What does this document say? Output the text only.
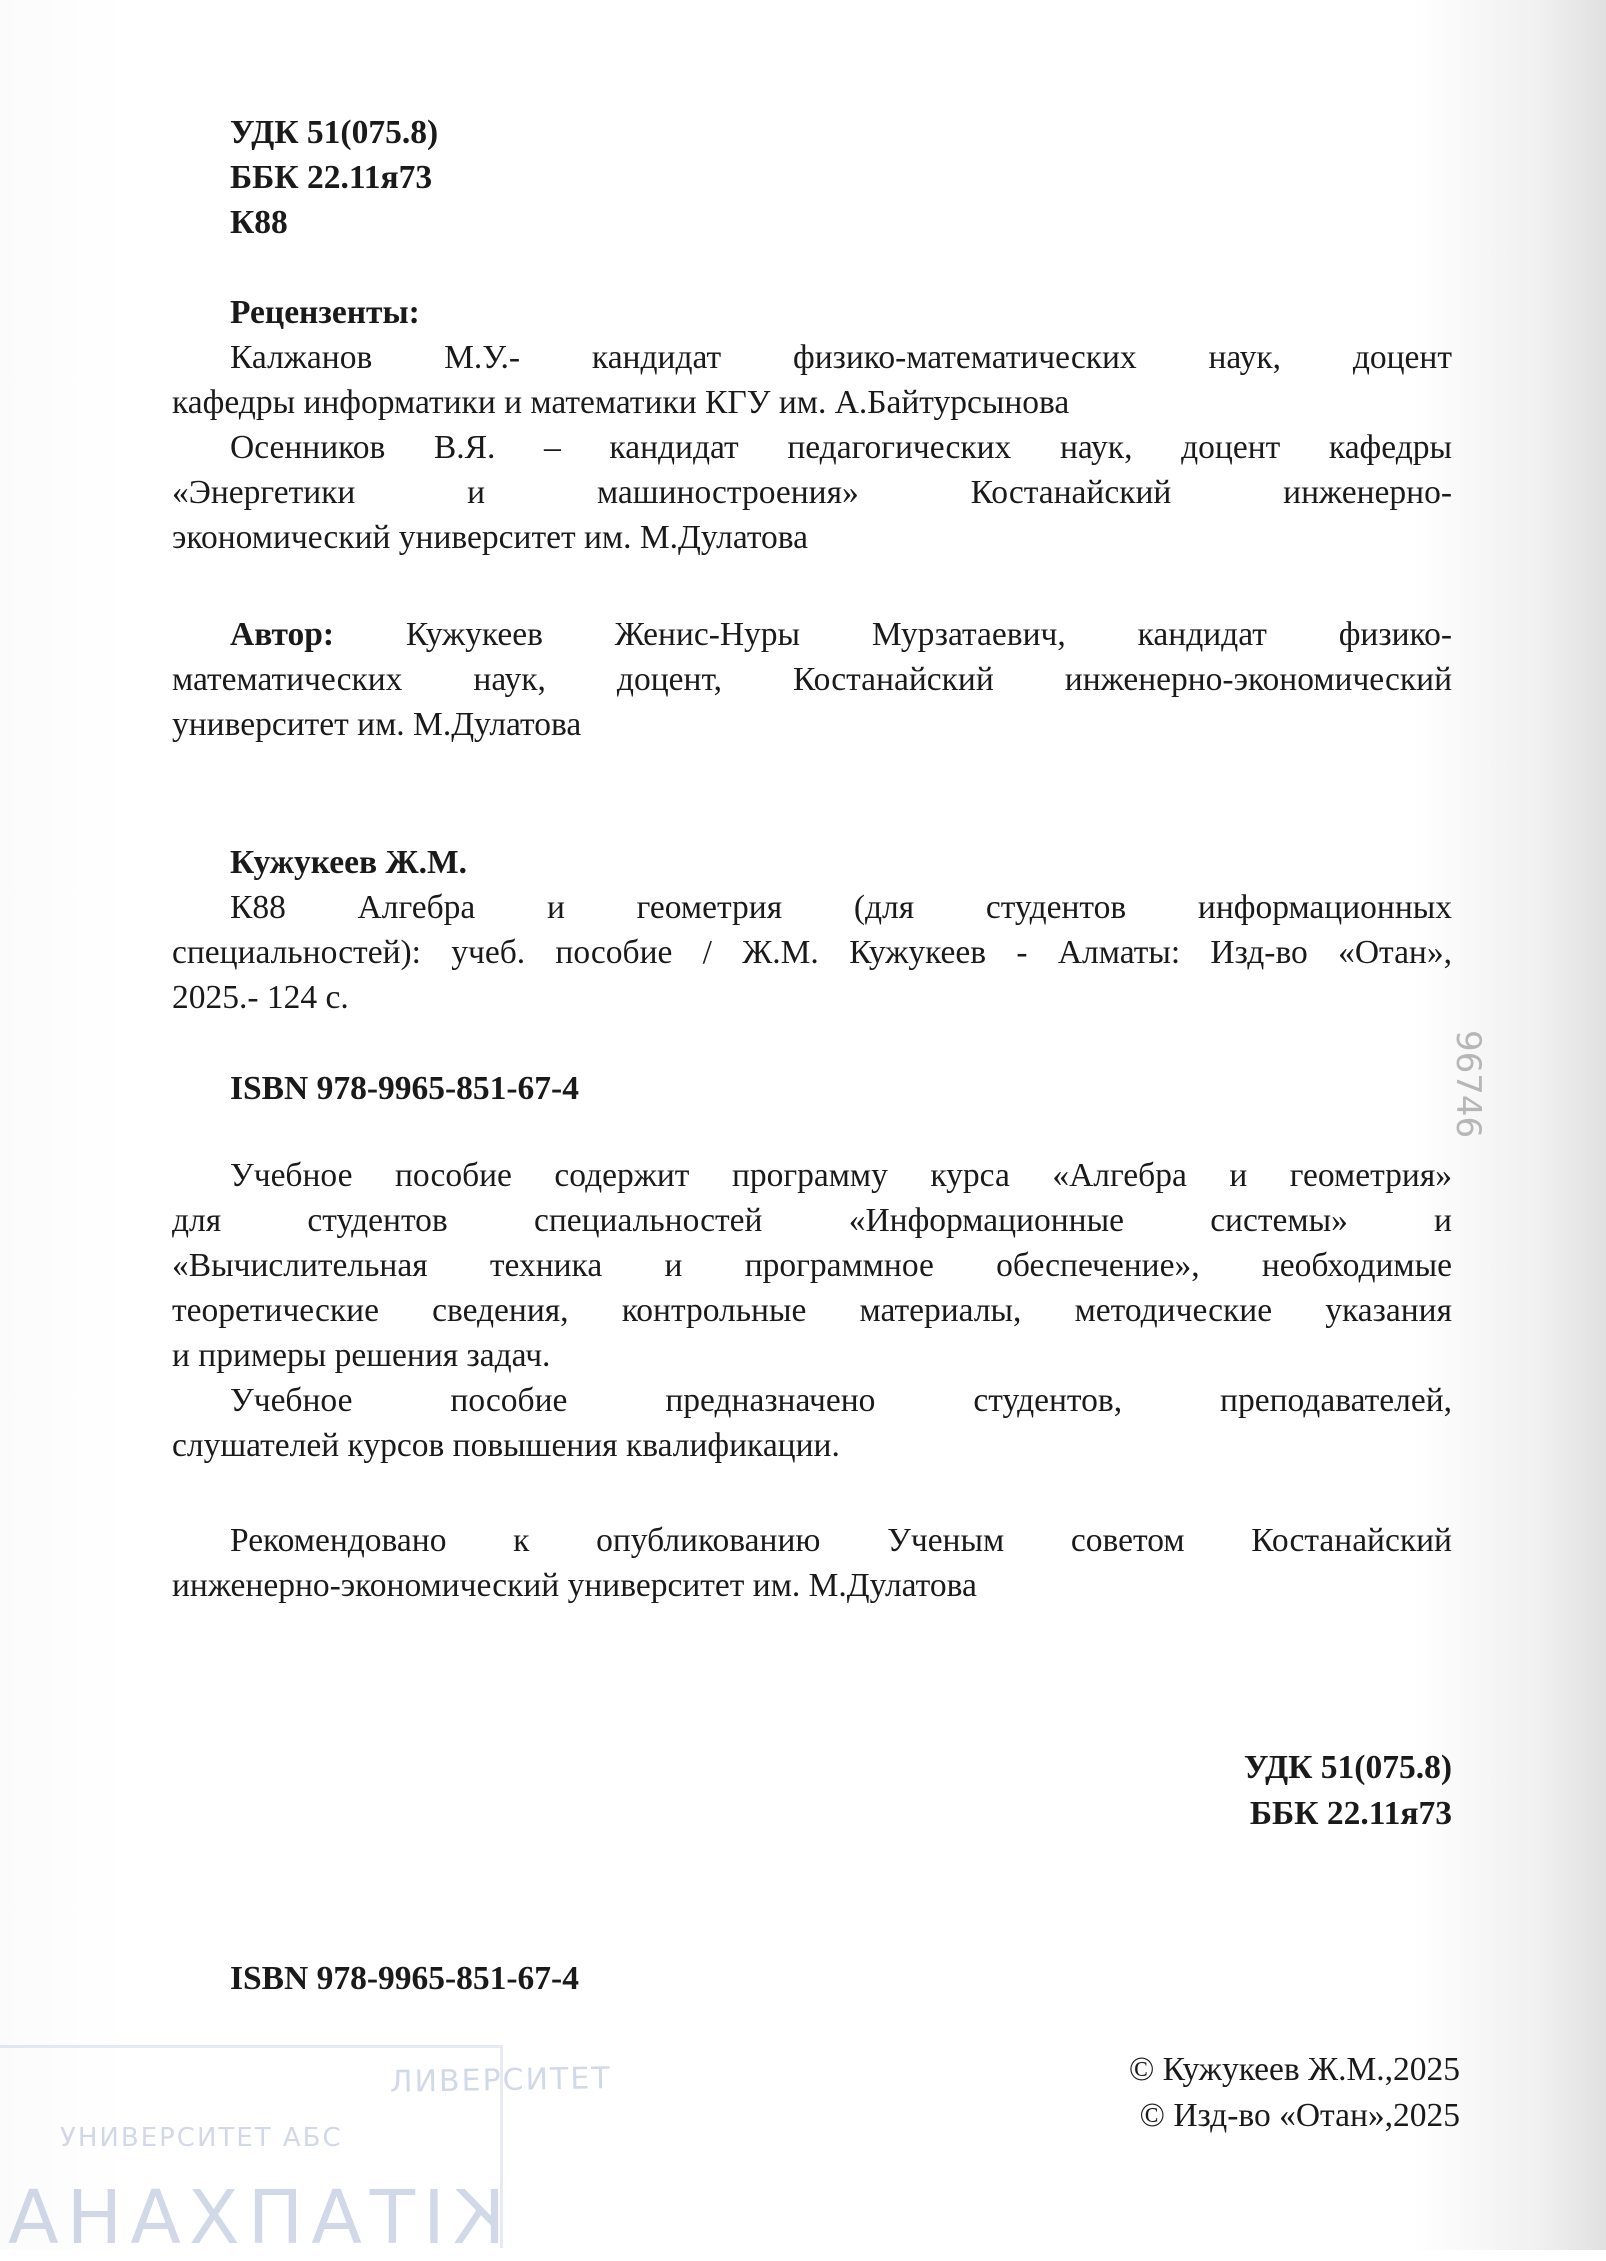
УДК 51(075.8)
ББК 22.11я73
К88
Рецензенты:
Калжанов М.У.- кандидат физико-математических наук, доцент
кафедры информатики и математики КГУ им. А.Байтурсынова
Осенников В.Я. – кандидат педагогических наук, доцент кафедры
«Энергетики и машиностроения» Костанайский инженерно-
экономический университет им. М.Дулатова
Автор: Кужукеев Женис-Нуры Мурзатаевич, кандидат физико-
математических наук, доцент, Костанайский инженерно-экономический
университет им. М.Дулатова
Кужукеев Ж.М.
К88 Алгебра и геометрия (для студентов информационных
специальностей): учеб. пособие / Ж.М. Кужукеев - Алматы: Изд-во «Отан»,
2025.- 124 с.
ISBN 978-9965-851-67-4
Учебное пособие содержит программу курса «Алгебра и геометрия»
для студентов специальностей «Информационные системы» и
«Вычислительная техника и программное обеспечение», необходимые
теоретические сведения, контрольные материалы, методические указания
и примеры решения задач.
Учебное пособие предназначено студентов, преподавателей,
слушателей курсов повышения квалификации.
Рекомендовано к опубликованию Ученым советом Костанайский
инженерно-экономический университет им. М.Дулатова
УДК 51(075.8)
ББК 22.11я73
ISBN 978-9965-851-67-4
© Кужукеев Ж.М.,2025
© Изд-во «Отан»,2025
ЛИВЕРСИТЕТ
УНИВЕРСИТЕТ АБС
КІТАПХАНА
96746
